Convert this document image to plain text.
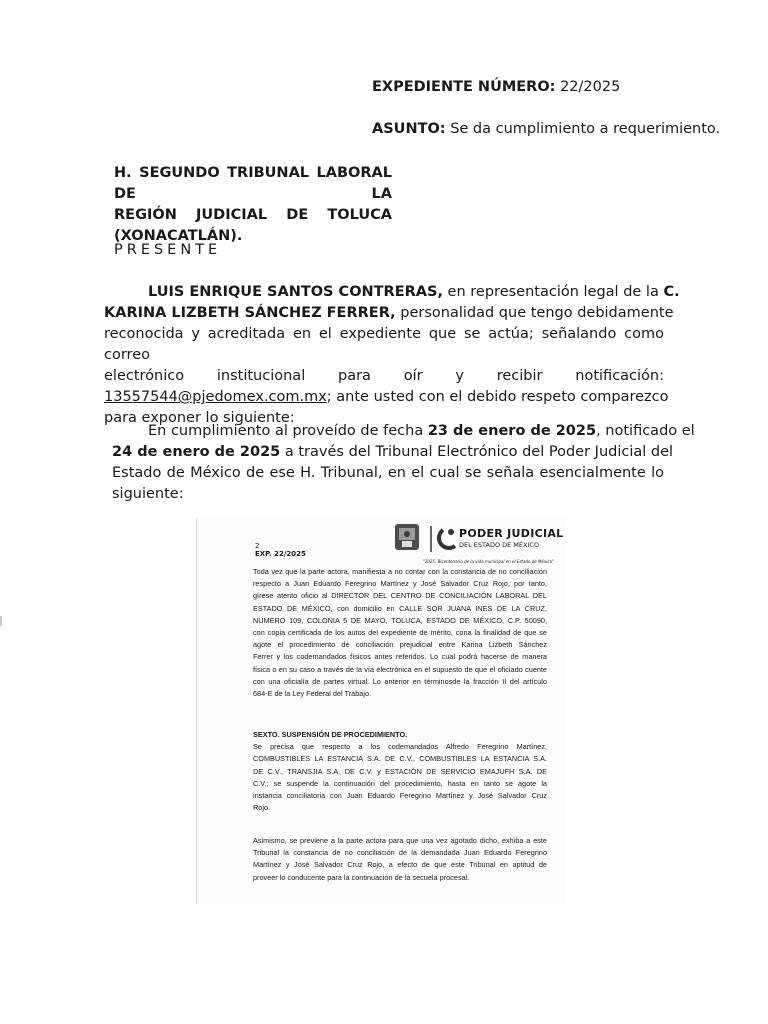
EXPEDIENTE NÚMERO: 22/2025
ASUNTO: Se da cumplimiento a requerimiento.
H. SEGUNDO TRIBUNAL LABORAL DE LA
REGIÓN JUDICIAL DE TOLUCA
(XONACATLÁN).
PRESENTE
LUIS ENRIQUE SANTOS CONTRERAS, en representación legal de la C.
KARINA LIZBETH SÁNCHEZ FERRER, personalidad que tengo debidamente
reconocida y acreditada en el expediente que se actúa; señalando como correo
electrónico institucional para oír y recibir notificación:
13557544@pjedomex.com.mx; ante usted con el debido respeto comparezco
para exponer lo siguiente:
En cumplimiento al proveído de fecha 23 de enero de 2025, notificado el
24 de enero de 2025 a través del Tribunal Electrónico del Poder Judicial del
Estado de México de ese H. Tribunal, en el cual se señala esencialmente lo
siguiente:
2
EXP. 22/2025
PODER JUDICIAL
DEL ESTADO DE MÉXICO
"2025. Bicentenario de la vida municipal en el Estado de México"
Toda vez que la parte actora, manifiesta a no contar con la constancia de no conciliación
respecto a Juan Eduardo Feregrino Martínez y José Salvador Cruz Rojo, por tanto,
gírese atento oficio al DIRECTOR DEL CENTRO DE CONCILIACIÓN LABORAL DEL
ESTADO DE MÉXICO, con domicilio en CALLE SOR JUANA INES DE LA CRUZ,
NUMERO 109, COLONIA 5 DE MAYO, TOLUCA, ESTADO DE MÉXICO, C.P. 50090,
con copia certificada de los autos del expediente de mérito, cona la finalidad de que se
agote el procedimiento de conciliación prejudicial entre Karina Lizbeth Sánchez
Ferrer y los codemandados físicos antes referidos. Lo cual podrá hacerse de manera
física o en su caso a través de la vía electrónica en el supuesto de que el oficiado cuente
con una oficialía de partes virtual. Lo anterior en términosde la fracción II del artículo
684-E de la Ley Federal del Trabajo.
SEXTO. SUSPENSIÓN DE PROCEDIMIENTO.
Se precisa que respecto a los codemandados Alfredo Feregrino Martínez,
COMBUSTIBLES LA ESTANCIA S.A. DE C.V., COMBUSTIBLES LA ESTANCIA S.A.
DE C.V., TRANSJIA S.A. DE C.V. y ESTACIÓN DE SERVICIO EMAJUFH S.A. DE
C.V.; se suspende la continuación del procedimiento, hasta en tanto se agote la
instancia conciliatoria con Juan Eduardo Feregrino Martínez y José Salvador Cruz
Rojo.
Asimismo, se previene a la parte actora para que una vez agotado dicho, exhiba a este
Tribunal la constancia de no conciliación de la demandada Juan Eduardo Feregrino
Martínez y José Salvador Cruz Rojo, a efecto de que este Tribunal en aptitud de
proveer lo conducente para la continuación de la secuela procesal.
